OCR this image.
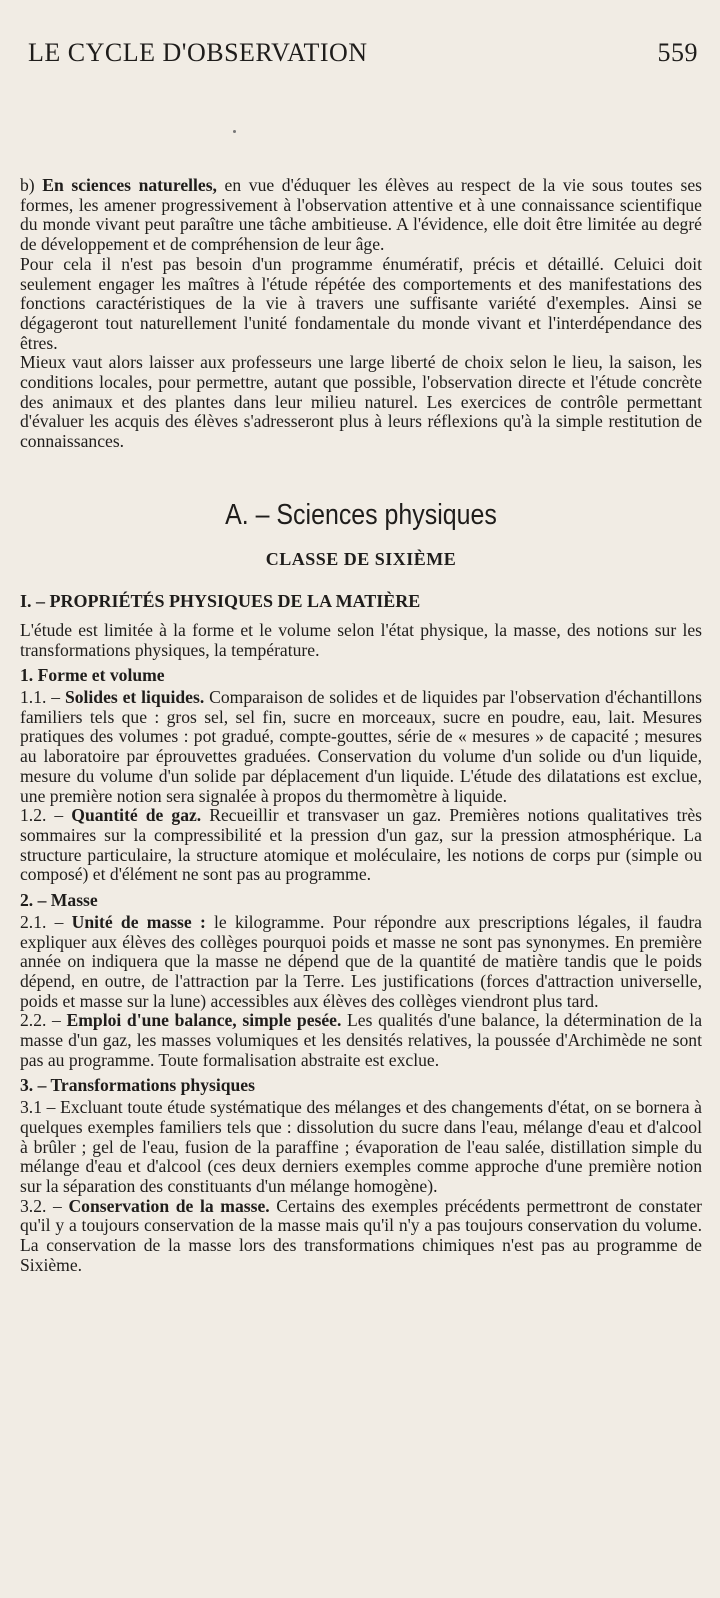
LE CYCLE D'OBSERVATION	559

b) En sciences naturelles, en vue d'éduquer les élèves au respect de la vie sous toutes ses formes, les amener progressivement à l'observation attentive et à une connaissance scientifique du monde vivant peut paraître une tâche ambitieuse. A l'évidence, elle doit être limitée au degré de développement et de compréhension de leur âge.

Pour cela il n'est pas besoin d'un programme énumératif, précis et détaillé. Celuici doit seulement engager les maîtres à l'étude répétée des comportements et des manifestations des fonctions caractéristiques de la vie à travers une suffisante variété d'exemples. Ainsi se dégageront tout naturellement l'unité fondamentale du monde vivant et l'interdépendance des êtres.

Mieux vaut alors laisser aux professeurs une large liberté de choix selon le lieu, la saison, les conditions locales, pour permettre, autant que possible, l'observation directe et l'étude concrète des animaux et des plantes dans leur milieu naturel. Les exercices de contrôle permettant d'évaluer les acquis des élèves s'adresseront plus à leurs réflexions qu'à la simple restitution de connaissances.

A. – Sciences physiques
CLASSE DE SIXIÈME
I. – PROPRIÉTÉS PHYSIQUES DE LA MATIÈRE

L'étude est limitée à la forme et le volume selon l'état physique, la masse, des notions sur les transformations physiques, la température.

1. Forme et volume

1.1. – Solides et liquides. Comparaison de solides et de liquides par l'observation d'échantillons familiers tels que : gros sel, sel fin, sucre en morceaux, sucre en poudre, eau, lait. Mesures pratiques des volumes : pot gradué, compte-gouttes, série de « mesures » de capacité ; mesures au laboratoire par éprouvettes graduées. Conservation du volume d'un solide ou d'un liquide, mesure du volume d'un solide par déplacement d'un liquide. L'étude des dilatations est exclue, une première notion sera signalée à propos du thermomètre à liquide.

1.2. – Quantité de gaz. Recueillir et transvaser un gaz. Premières notions qualitatives très sommaires sur la compressibilité et la pression d'un gaz, sur la pression atmosphérique. La structure particulaire, la structure atomique et moléculaire, les notions de corps pur (simple ou composé) et d'élément ne sont pas au programme.

2. – Masse

2.1. – Unité de masse : le kilogramme. Pour répondre aux prescriptions légales, il faudra expliquer aux élèves des collèges pourquoi poids et masse ne sont pas synonymes. En première année on indiquera que la masse ne dépend que de la quantité de matière tandis que le poids dépend, en outre, de l'attraction par la Terre. Les justifications (forces d'attraction universelle, poids et masse sur la lune) accessibles aux élèves des collèges viendront plus tard.

2.2. – Emploi d'une balance, simple pesée. Les qualités d'une balance, la détermination de la masse d'un gaz, les masses volumiques et les densités relatives, la poussée d'Archimède ne sont pas au programme. Toute formalisation abstraite est exclue.

3. – Transformations physiques

3.1 – Excluant toute étude systématique des mélanges et des changements d'état, on se bornera à quelques exemples familiers tels que : dissolution du sucre dans l'eau, mélange d'eau et d'alcool à brûler ; gel de l'eau, fusion de la paraffine ; évaporation de l'eau salée, distillation simple du mélange d'eau et d'alcool (ces deux derniers exemples comme approche d'une première notion sur la séparation des constituants d'un mélange homogène).

3.2. – Conservation de la masse. Certains des exemples précédents permettront de constater qu'il y a toujours conservation de la masse mais qu'il n'y a pas toujours conservation du volume. La conservation de la masse lors des transformations chimiques n'est pas au programme de Sixième.
